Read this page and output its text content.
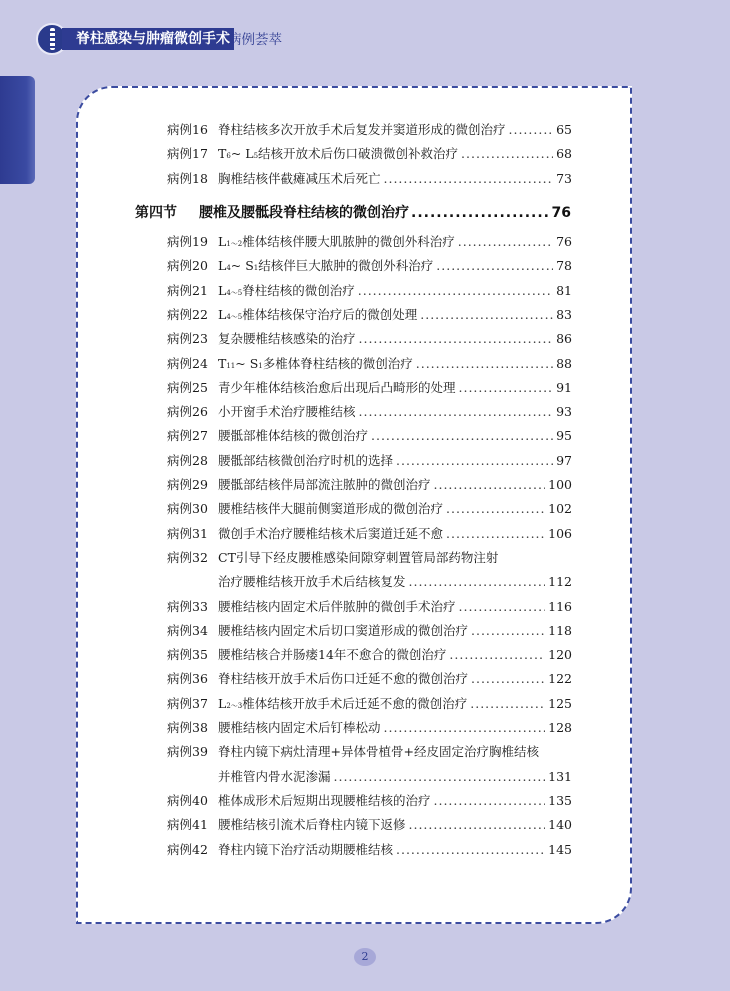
脊柱感染与肿瘤微创手术
病例荟萃
第四节	腰椎及腰骶段脊柱结核的微创治疗 .....	76
病例16 脊柱结核多次开放手术后复发并窦道形成的微创治疗 .....	65
病例17 $T_6$ ~ $L_5$ 结核开放术后伤口破溃微创补救治疗 .....	68
病例18 胸椎结核伴截瘫减压术后死亡 .....	73
病例19 $L_{1\sim 2}$ 椎体结核伴腰大肌脓肿的微创外科治疗 .....	76
病例20 $L_4$ ~ $S_1$ 结核伴巨大脓肿的微创外科治疗 .....	78
病例21 $L_{4\sim 5}$ 脊柱结核的微创治疗 .....	81
病例22 $L_{4\sim 5}$ 椎体结核保守治疗后的微创处理 .....	83
病例23 复杂腰椎结核感染的治疗 .....	86
病例24 $T_{11}$ ~ $S_1$ 多椎体脊柱结核的微创治疗 .....	88
病例25 青少年椎体结核治愈后出现后凸畸形的处理 .....	91
病例26 小开窗手术治疗腰椎结核 .....	93
病例27 腰骶部椎体结核的微创治疗 .....	95
病例28 腰骶部结核微创治疗时机的选择 .....	97
病例29 腰骶部结核伴局部流注脓肿的微创治疗 .....	100
病例30 腰椎结核伴大腿前侧窦道形成的微创治疗 .....	102
病例31 微创手术治疗腰椎结核术后窦道迁延不愈 .....	106
病例32 CT引导下经皮腰椎感染间隙穿刺置管局部药物注射
治疗腰椎结核开放手术后结核复发 .....	112
病例33 腰椎结核内固定术后伴脓肿的微创手术治疗 .....	116
病例34 腰椎结核内固定术后切口窦道形成的微创治疗 .....	118
病例35 腰椎结核合并肠瘘14年不愈合的微创治疗 .....	120
病例36 脊柱结核开放手术后伤口迁延不愈的微创治疗 .....	122
病例37 $L_{2\sim 3}$ 椎体结核开放手术后迁延不愈的微创治疗 .....	125
病例38 腰椎结核内固定术后钉棒松动 .....	128
病例39 脊柱内镜下病灶清理+异体骨植骨+经皮固定治疗胸椎结核
并椎管内骨水泥渗漏 .....	131
病例40 椎体成形术后短期出现腰椎结核的治疗 .....	135
病例41 腰椎结核引流术后脊柱内镜下返修 .....	140
病例42 脊柱内镜下治疗活动期腰椎结核 .....	145
2
